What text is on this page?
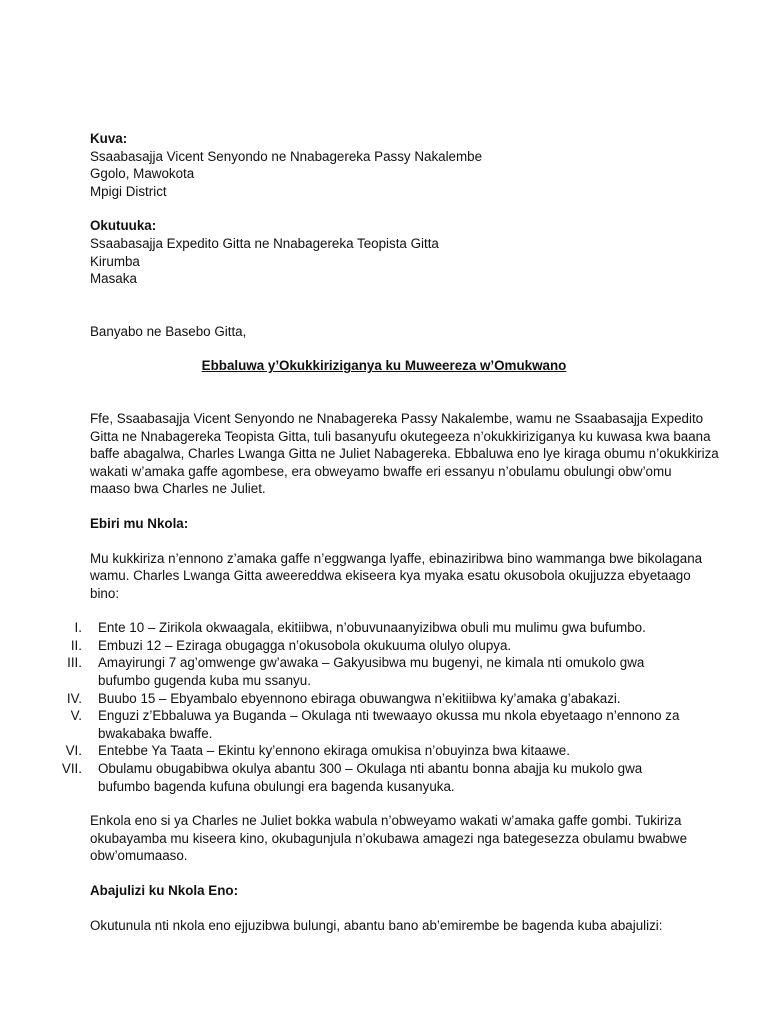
Kuva:
Ssaabasajja Vicent Senyondo ne Nnabagereka Passy Nakalembe
Ggolo, Mawokota
Mpigi District
Okutuuka:
Ssaabasajja Expedito Gitta ne Nnabagereka Teopista Gitta
Kirumba
Masaka
Banyabo ne Basebo Gitta,
Ebbaluwa y’Okukkiriziganya ku Muweereza w’Omukwano
Ffe, Ssaabasajja Vicent Senyondo ne Nnabagereka Passy Nakalembe, wamu ne Ssaabasajja Expedito
Gitta ne Nnabagereka Teopista Gitta, tuli basanyufu okutegeeza n’okukkiriziganya ku kuwasa kwa baana
baffe abagalwa, Charles Lwanga Gitta ne Juliet Nabagereka. Ebbaluwa eno lye kiraga obumu n’okukkiriza
wakati w’amaka gaffe agombese, era obweyamo bwaffe eri essanyu n’obulamu obulungi obw’omu
maaso bwa Charles ne Juliet.
Ebiri mu Nkola:
Mu kukkiriza n’ennono z’amaka gaffe n’eggwanga lyaffe, ebinaziribwa bino wammanga bwe bikolagana
wamu. Charles Lwanga Gitta aweereddwa ekiseera kya myaka esatu okusobola okujjuzza ebyetaago
bino:
I.	Ente 10 – Zirikola okwaagala, ekitiibwa, n’obuvunaanyizibwa obuli mu mulimu gwa bufumbo.
II.	Embuzi 12 – Eziraga obugagga n’okusobola okukuuma olulyo olupya.
III.	Amayirungi 7 ag’omwenge gw’awaka – Gakyusibwa mu bugenyi, ne kimala nti omukolo gwa
bufumbo gugenda kuba mu ssanyu.
IV.	Buubo 15 – Ebyambalo ebyennono ebiraga obuwangwa n’ekitiibwa ky’amaka g’abakazi.
V.	Enguzi z’Ebbaluwa ya Buganda – Okulaga nti twewaayo okussa mu nkola ebyetaago n’ennono za
bwakabaka bwaffe.
VI.	Entebbe Ya Taata – Ekintu ky’ennono ekiraga omukisa n’obuyinza bwa kitaawe.
VII.	Obulamu obugabibwa okulya abantu 300 – Okulaga nti abantu bonna abajja ku mukolo gwa
bufumbo bagenda kufuna obulungi era bagenda kusanyuka.
Enkola eno si ya Charles ne Juliet bokka wabula n’obweyamo wakati w’amaka gaffe gombi. Tukiriza
okubayamba mu kiseera kino, okubagunjula n’okubawa amagezi nga bategesezza obulamu bwabwe
obw’omumaaso.
Abajulizi ku Nkola Eno:
Okutunula nti nkola eno ejjuzibwa bulungi, abantu bano ab’emirembe be bagenda kuba abajulizi:
